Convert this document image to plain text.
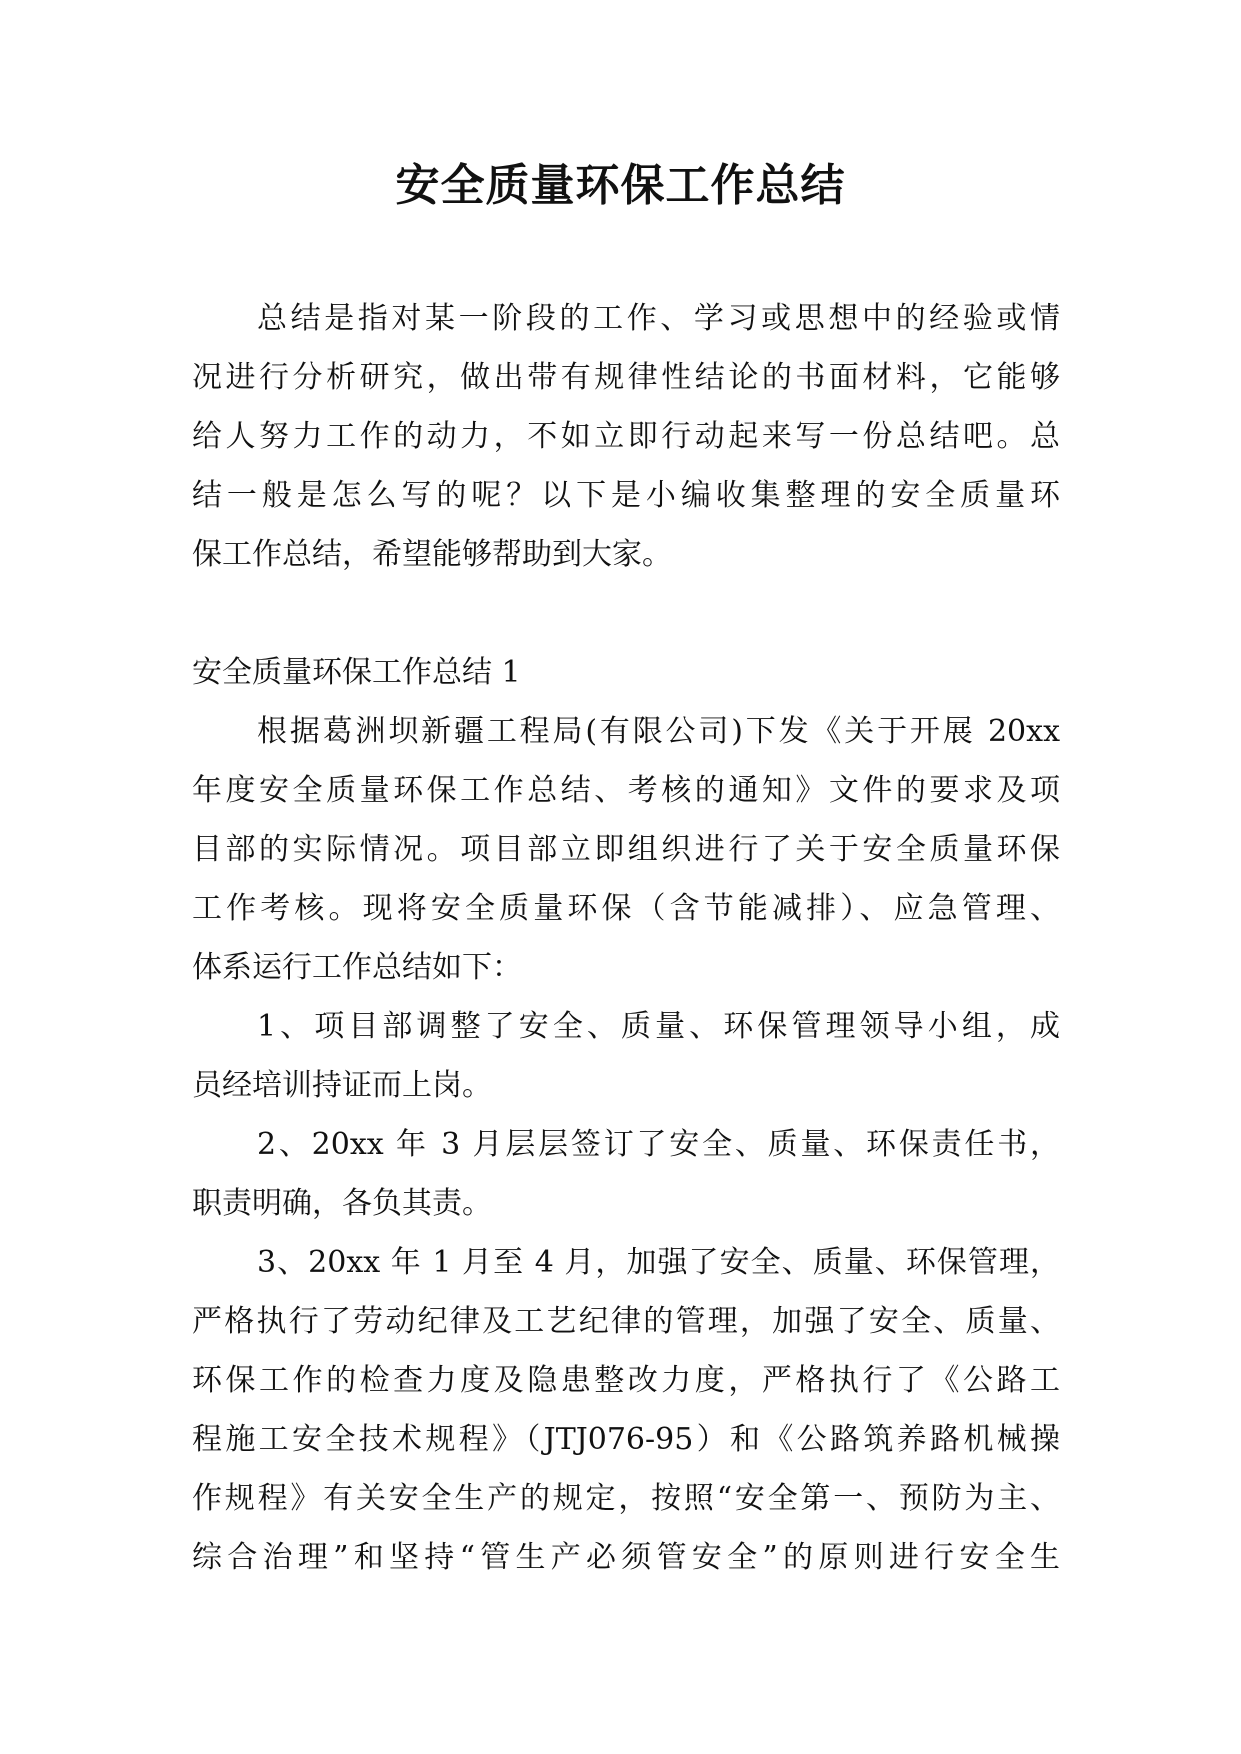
安全质量环保工作总结
总结是指对某一阶段的工作、学习或思想中的经验或情
况进行分析研究，做出带有规律性结论的书面材料，它能够
给人努力工作的动力，不如立即行动起来写一份总结吧。总
结一般是怎么写的呢？以下是小编收集整理的安全质量环
保工作总结，希望能够帮助到大家。
安全质量环保工作总结 1
根据葛洲坝新疆工程局(有限公司)下发《关于开展 20xx
年度安全质量环保工作总结、考核的通知》文件的要求及项
目部的实际情况。项目部立即组织进行了关于安全质量环保
工作考核。现将安全质量环保（含节能减排）、应急管理、
体系运行工作总结如下：
1、项目部调整了安全、质量、环保管理领导小组，成
员经培训持证而上岗。
2、20xx 年 3 月层层签订了安全、质量、环保责任书，
职责明确，各负其责。
3、20xx 年 1 月至 4 月，加强了安全、质量、环保管理，
严格执行了劳动纪律及工艺纪律的管理，加强了安全、质量、
环保工作的检查力度及隐患整改力度，严格执行了《公路工
程施工安全技术规程》（JTJ076-95）和《公路筑养路机械操
作规程》有关安全生产的规定，按照“安全第一、预防为主、
综合治理”和坚持“管生产必须管安全”的原则进行安全生
